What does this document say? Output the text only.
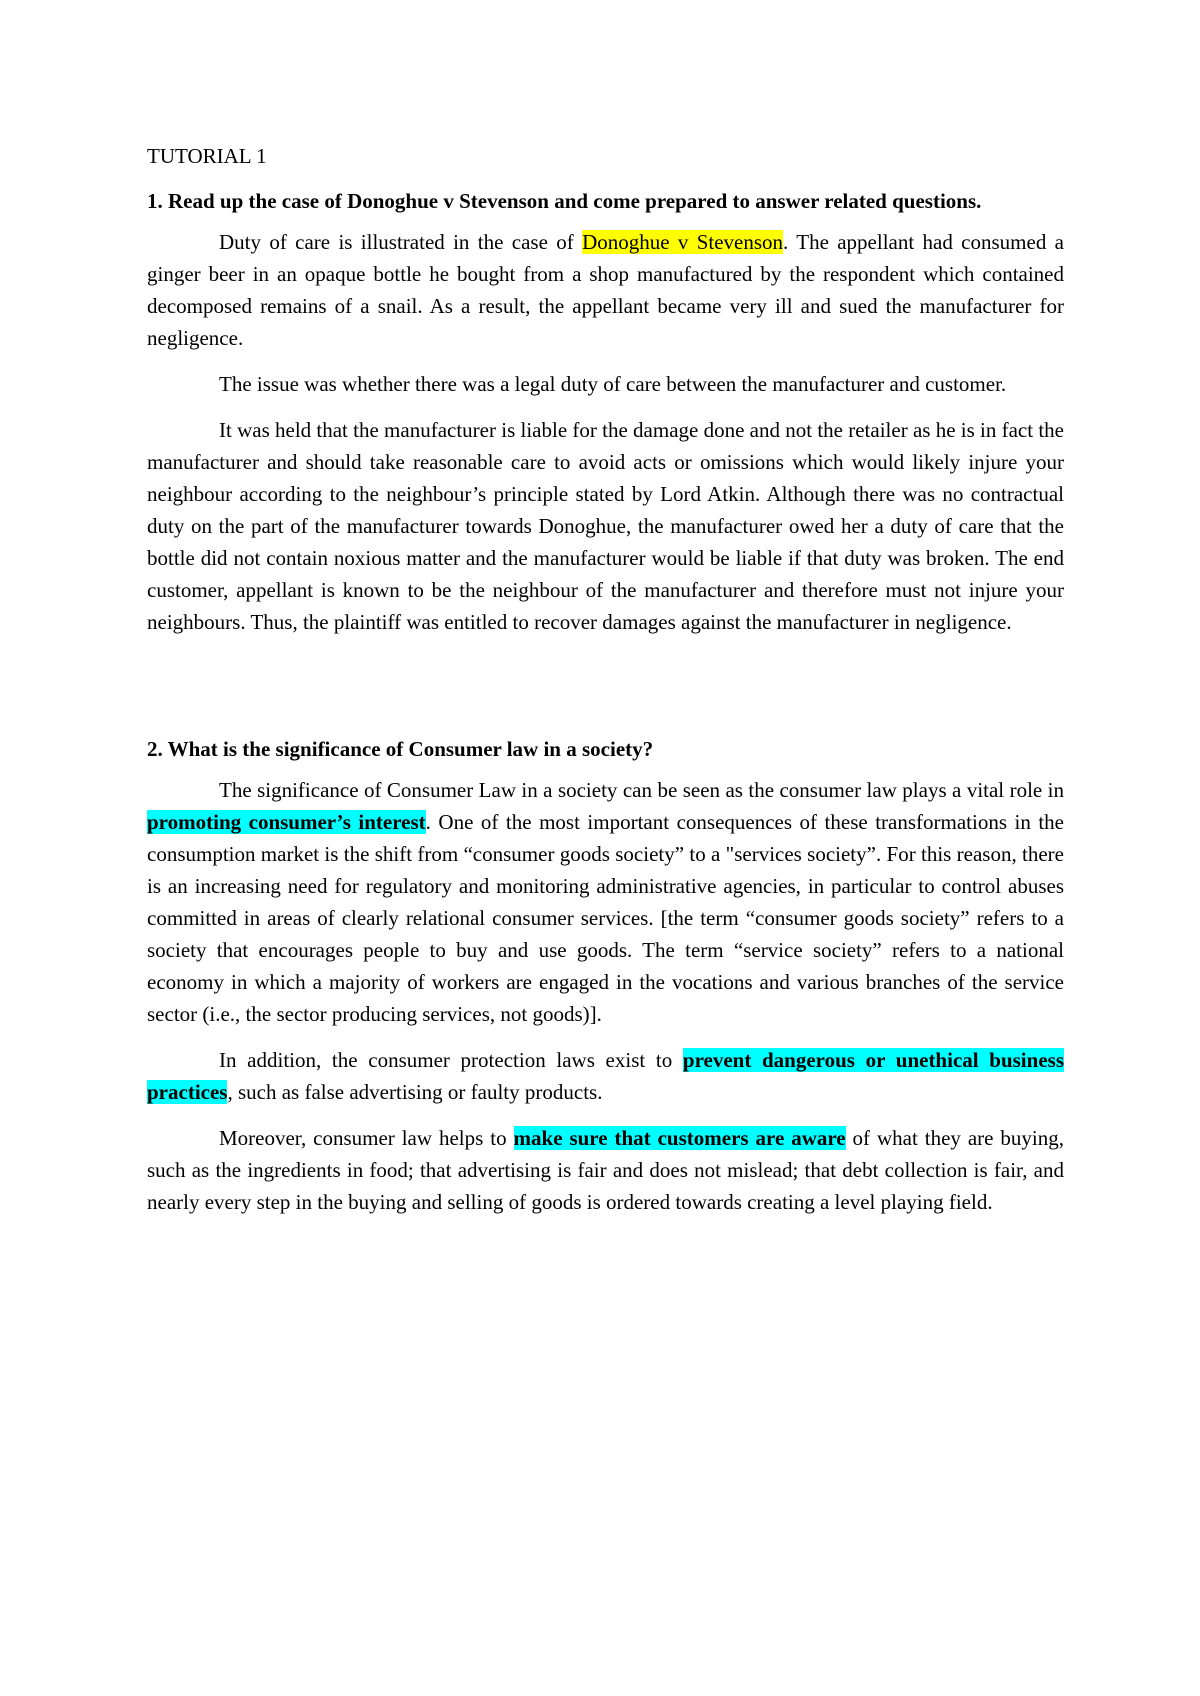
TUTORIAL 1
1. Read up the case of Donoghue v Stevenson and come prepared to answer related questions.

Duty of care is illustrated in the case of Donoghue v Stevenson. The appellant had consumed a ginger beer in an opaque bottle he bought from a shop manufactured by the respondent which contained decomposed remains of a snail. As a result, the appellant became very ill and sued the manufacturer for negligence.

The issue was whether there was a legal duty of care between the manufacturer and customer.

It was held that the manufacturer is liable for the damage done and not the retailer as he is in fact the manufacturer and should take reasonable care to avoid acts or omissions which would likely injure your neighbour according to the neighbour’s principle stated by Lord Atkin. Although there was no contractual duty on the part of the manufacturer towards Donoghue, the manufacturer owed her a duty of care that the bottle did not contain noxious matter and the manufacturer would be liable if that duty was broken. The end customer, appellant is known to be the neighbour of the manufacturer and therefore must not injure your neighbours. Thus, the plaintiff was entitled to recover damages against the manufacturer in negligence.

2. What is the significance of Consumer law in a society?

The significance of Consumer Law in a society can be seen as the consumer law plays a vital role in promoting consumer’s interest. One of the most important consequences of these transformations in the consumption market is the shift from “consumer goods society” to a "services society”. For this reason, there is an increasing need for regulatory and monitoring administrative agencies, in particular to control abuses committed in areas of clearly relational consumer services. [the term “consumer goods society” refers to a society that encourages people to buy and use goods. The term “service society” refers to a national economy in which a majority of workers are engaged in the vocations and various branches of the service sector (i.e., the sector producing services, not goods)].

In addition, the consumer protection laws exist to prevent dangerous or unethical business practices, such as false advertising or faulty products.

Moreover, consumer law helps to make sure that customers are aware of what they are buying, such as the ingredients in food; that advertising is fair and does not mislead; that debt collection is fair, and nearly every step in the buying and selling of goods is ordered towards creating a level playing field.
